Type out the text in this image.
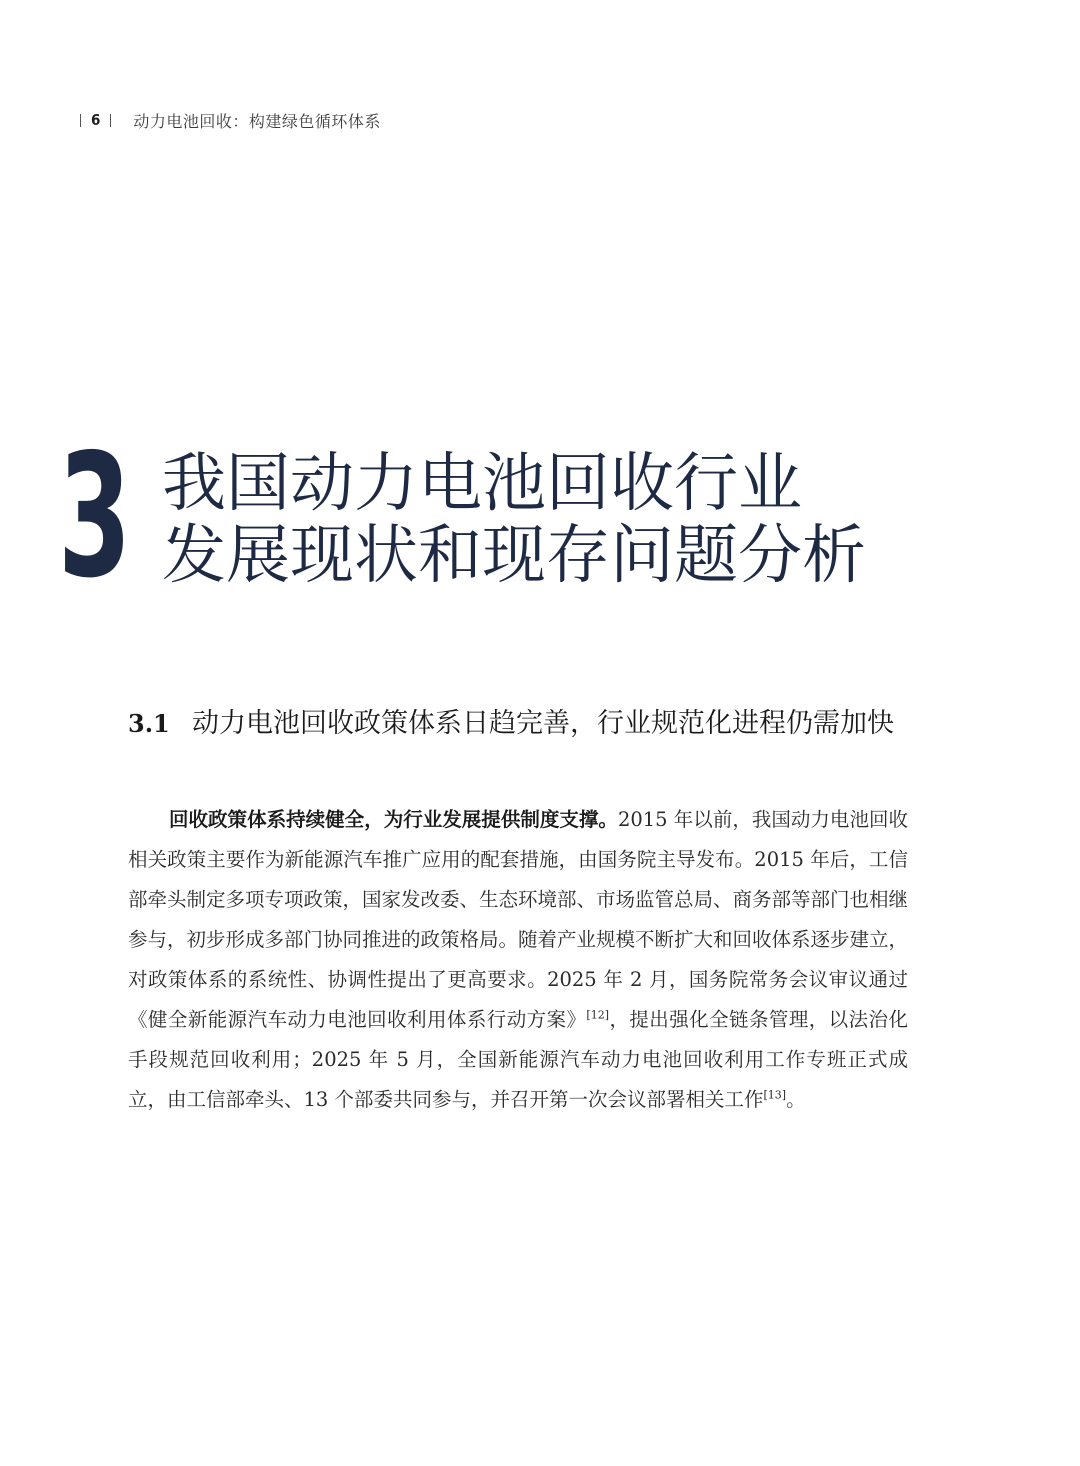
6 动力电池回收：构建绿色循环体系
3 我国动力电池回收行业
发展现状和现存问题分析
3.1 动力电池回收政策体系日趋完善，行业规范化进程仍需加快
回收政策体系持续健全，为行业发展提供制度支撑。2015 年以前，我国动力电池回收相关政策主要作为新能源汽车推广应用的配套措施，由国务院主导发布。2015 年后，工信部牵头制定多项专项政策，国家发改委、生态环境部、市场监管总局、商务部等部门也相继参与，初步形成多部门协同推进的政策格局。随着产业规模不断扩大和回收体系逐步建立，对政策体系的系统性、协调性提出了更高要求。2025 年 2 月，国务院常务会议审议通过《健全新能源汽车动力电池回收利用体系行动方案》[12]，提出强化全链条管理，以法治化手段规范回收利用；2025 年 5 月，全国新能源汽车动力电池回收利用工作专班正式成立，由工信部牵头、13 个部委共同参与，并召开第一次会议部署相关工作[13]。
